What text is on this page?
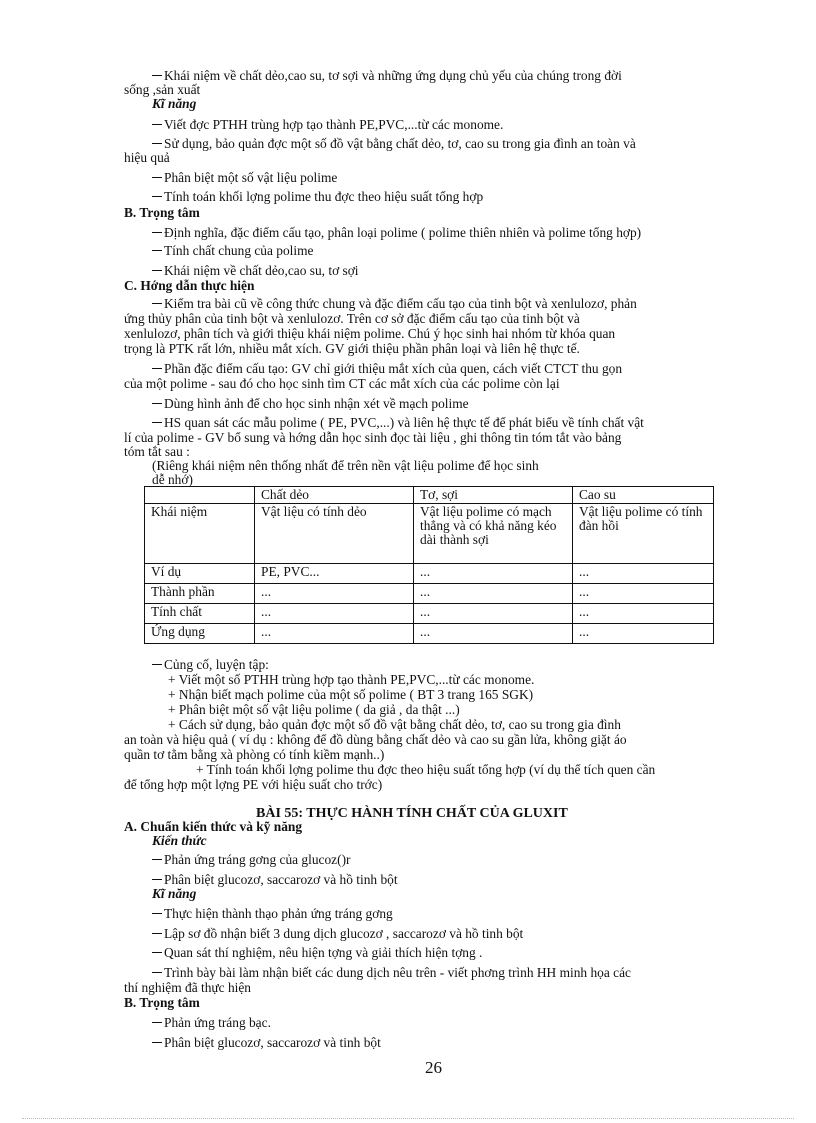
Khái niệm về chất dẻo,cao su, tơ sợi và những ứng dụng chủ yếu của chúng trong đời
sống ,sản xuất
Kĩ năng
Viết đợc PTHH trùng hợp tạo thành PE,PVC,...từ các monome.
Sử dụng, bảo quản đợc một số đồ vật bằng chất dẻo, tơ, cao su trong gia đình an toàn và
hiệu quả
Phân biệt một số vật liệu polime
Tính toán khối lợng polime thu đợc theo hiệu suất tổng hợp
B. Trọng tâm
Định nghĩa, đặc điểm cấu tạo, phân loại polime ( polime thiên nhiên và polime tổng hợp)
Tính chất chung của polime
Khái niệm về chất dẻo,cao su, tơ sợi
C. Hớng dẫn thực hiện
Kiểm tra bài cũ về công thức chung và đặc điểm cấu tạo của tinh bột và xenlulozơ, phản
ứng thủy phân của tinh bột và xenlulozơ. Trên cơ sở đặc điểm cấu tạo của tinh bột và
xenlulozơ, phân tích và giới thiệu khái niệm polime. Chú ý học sinh hai nhóm từ khóa quan
trọng là PTK rất lớn, nhiều mắt xích. GV giới thiệu phần phân loại và liên hệ thực tế.
Phần đặc điểm cấu tạo: GV chỉ giới thiệu mắt xích của quen, cách viết CTCT thu gọn
của một polime - sau đó cho học sinh tìm CT các mắt xích của các polime còn lại
Dùng hình ảnh để cho học sinh nhận xét về mạch polime
HS quan sát các mẫu polime ( PE, PVC,...) và liên hệ thực tế để phát biểu về tính chất vật
lí của polime - GV bổ sung và hớng dẫn học sinh đọc tài liệu , ghi thông tin tóm tắt vào bảng
tóm tắt sau :
(Riêng khái niệm nên thống nhất để trên nền vật liệu polime để học sinh
dễ nhớ)
	Chất dẻo	Tơ, sợi	Cao su
Khái niệm	Vật liệu có tính dẻo	Vật liệu polime có mạch thẳng và có khả năng kéo dài thành sợi	Vật liệu polime có tính đàn hồi
Ví dụ	PE, PVC...	...	...
Thành phần	...	...	...
Tính chất	...	...	...
Ứng dụng	...	...	...
Củng cố, luyện tập:
+ Viết một số PTHH trùng hợp tạo thành PE,PVC,...từ các monome.
+ Nhận biết mạch polime của một số polime ( BT 3 trang 165 SGK)
+ Phân biệt một số vật liệu polime ( da giả , da thật ...)
+ Cách sử dụng, bảo quản đợc một số đồ vật bằng chất dẻo, tơ, cao su trong gia đình
an toàn và hiệu quả ( ví dụ : không để đồ dùng bằng chất dẻo và cao su gần lửa, không giặt áo
quần tơ tằm bằng xà phòng có tính kiềm mạnh..)
+ Tính toán khối lợng polime thu đợc theo hiệu suất tổng hợp (ví dụ thể tích quen cần
để tổng hợp một lợng PE với hiệu suất cho trớc)
BÀI 55: THỰC HÀNH TÍNH CHẤT CỦA GLUXIT
A. Chuẩn kiến thức và kỹ năng
Kiến thức
Phản ứng tráng gơng của glucoz()r
Phân biệt glucozơ, saccarozơ và hồ tinh bột
Kĩ năng
Thực hiện thành thạo phản ứng tráng gơng
Lập sơ đồ nhận biết 3 dung dịch glucozơ , saccarozơ và hồ tinh bột
Quan sát thí nghiệm, nêu hiện tợng và giải thích hiện tợng .
Trình bày bài làm nhận biết các dung dịch nêu trên - viết phơng trình HH minh họa các
thí nghiệm đã thực hiện
B. Trọng tâm
Phản ứng tráng bạc.
Phân biệt glucozơ, saccarozơ và tinh bột
26
